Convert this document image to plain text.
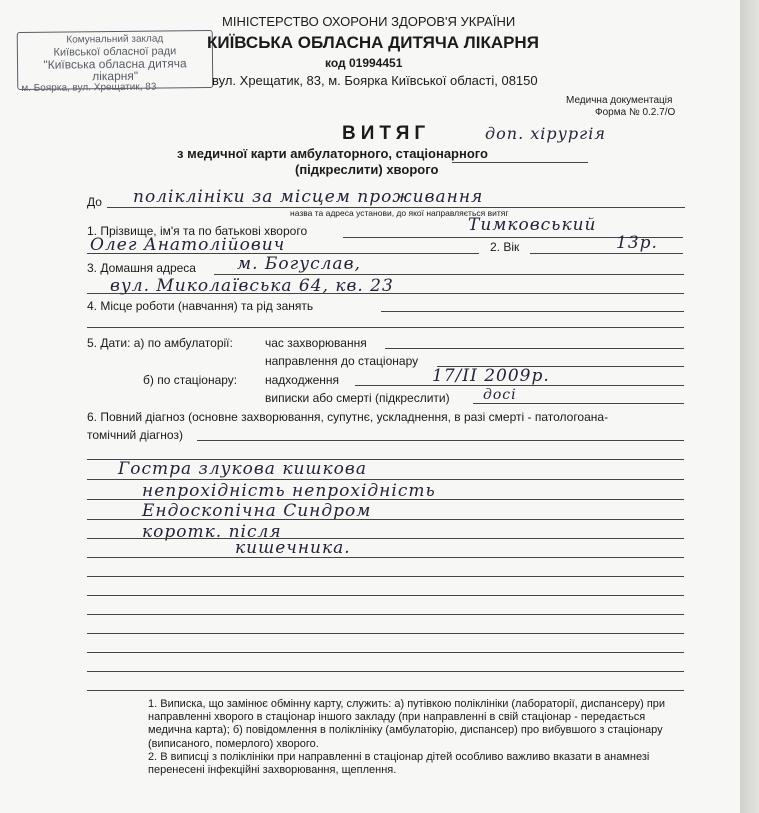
Комунальний заклад
Київської обласної ради
"Київська обласна дитяча
лікарня"
м. Боярка, вул. Хрещатик, 83
МІНІСТЕРСТВО ОХОРОНИ ЗДОРОВ'Я УКРАЇНИ
КИЇВСЬКА ОБЛАСНА ДИТЯЧА ЛІКАРНЯ
код 01994451
вул. Хрещатик, 83, м. Боярка Київської області, 08150
Медична документація
Форма № 0.2.7/О
ВИТЯГ	доп. хірургія
з медичної карти амбулаторного, стаціонарного
(підкреслити) хворого
До поліклініки за місцем проживання
назва та адреса установи, до якої направляється витяг
1. Прізвище, ім'я та по батькові хворого	Тимковський
Олег Анатолійович	2. Вік	13р.
3. Домашня адреса м. Богуслав,
вул. Миколаївська 64, кв. 23
4. Місце роботи (навчання) та рід занять
5. Дати: а) по амбулаторії:	час захворювання
направлення до стаціонару
б) по стаціонару: надходження	17/ІІ 2009р.
виписки або смерті (підкреслити) досі
6. Повний діагноз (основне захворювання, супутнє, ускладнення, в разі смерті - патологоана-
томічний діагноз)
Гостра злукова кишкова
непрохідність непрохідність
Ендоскопічна Синдром
коротк. після
кишечника.

1. Виписка, що замінює обмінну карту, служить: а) путівкою поліклініки (лабораторії, диспансеру) при направленні хворого в стаціонар іншого закладу (при направленні в свій стаціонар - передається медична карта); б) повідомлення в поліклініку (амбулаторію, диспансер) про вибувшого з стаціонару (виписаного, померлого) хворого.

2. В виписці з поліклініки при направленні в стаціонар дітей особливо важливо вказати в анамнезі перенесені інфекційні захворювання, щеплення.
